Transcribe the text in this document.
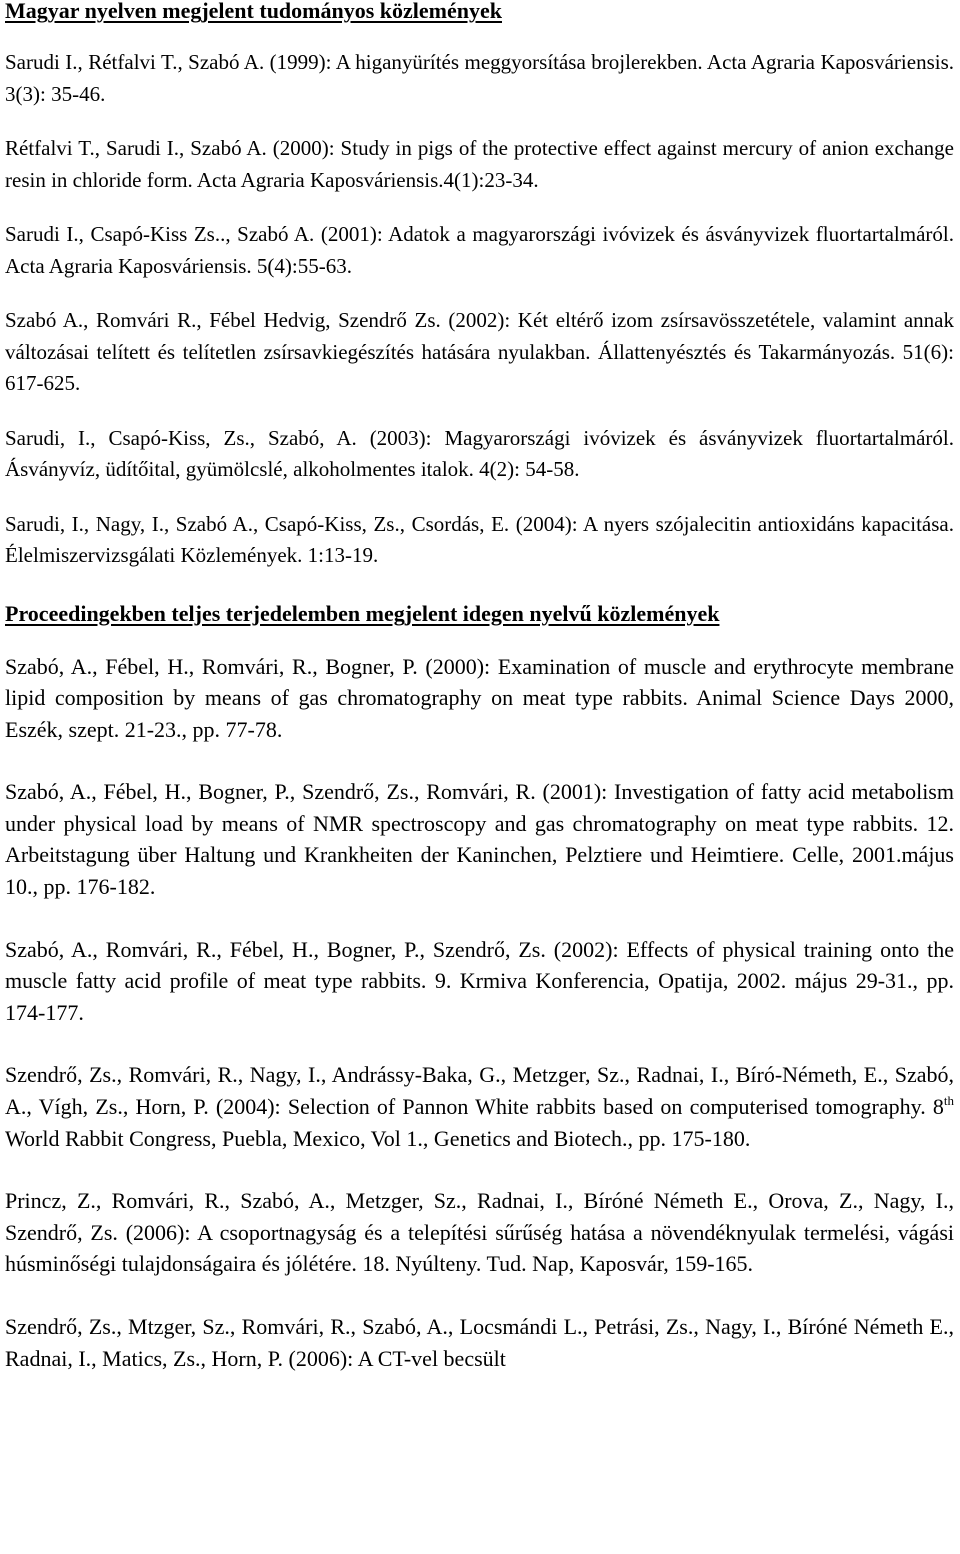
Magyar nyelven megjelent tudományos közlemények

Sarudi I., Rétfalvi T., Szabó A. (1999): A higanyürítés meggyorsítása brojlerekben. Acta Agraria Kaposváriensis. 3(3): 35-46.

Rétfalvi T., Sarudi I., Szabó A. (2000): Study in pigs of the protective effect against mercury of anion exchange resin in chloride form. Acta Agraria Kaposváriensis.4(1):23-34.

Sarudi I., Csapó-Kiss Zs.., Szabó A. (2001): Adatok a magyarországi ivóvizek és ásványvizek fluortartalmáról. Acta Agraria Kaposváriensis. 5(4):55-63.

Szabó A., Romvári R., Fébel Hedvig, Szendrő Zs. (2002): Két eltérő izom zsírsavösszetétele, valamint annak változásai telített és telítetlen zsírsavkiegészítés hatására nyulakban. Állattenyésztés és Takarmányozás. 51(6): 617-625.

Sarudi, I., Csapó-Kiss, Zs., Szabó, A. (2003): Magyarországi ivóvizek és ásványvizek fluortartalmáról. Ásványvíz, üdítőital, gyümölcslé, alkoholmentes italok. 4(2): 54-58.

Sarudi, I., Nagy, I., Szabó A., Csapó-Kiss, Zs., Csordás, E. (2004): A nyers szójalecitin antioxidáns kapacitása. Élelmiszervizsgálati Közlemények. 1:13-19.

Proceedingekben teljes terjedelemben megjelent idegen nyelvű közlemények

Szabó, A., Fébel, H., Romvári, R., Bogner, P. (2000): Examination of muscle and erythrocyte membrane lipid composition by means of gas chromatography on meat type rabbits. Animal Science Days 2000, Eszék, szept. 21-23., pp. 77-78.

Szabó, A., Fébel, H., Bogner, P., Szendrő, Zs., Romvári, R. (2001): Investigation of fatty acid metabolism under physical load by means of NMR spectroscopy and gas chromatography on meat type rabbits. 12. Arbeitstagung über Haltung und Krankheiten der Kaninchen, Pelztiere und Heimtiere. Celle, 2001.május 10., pp. 176-182.

Szabó, A., Romvári, R., Fébel, H., Bogner, P., Szendrő, Zs. (2002): Effects of physical training onto the muscle fatty acid profile of meat type rabbits. 9. Krmiva Konferencia, Opatija, 2002. május 29-31., pp. 174-177.

Szendrő, Zs., Romvári, R., Nagy, I., Andrássy-Baka, G., Metzger, Sz., Radnai, I., Bíró-Németh, E., Szabó, A., Vígh, Zs., Horn, P. (2004): Selection of Pannon White rabbits based on computerised tomography. 8th World Rabbit Congress, Puebla, Mexico, Vol 1., Genetics and Biotech., pp. 175-180.

Princz, Z., Romvári, R., Szabó, A., Metzger, Sz., Radnai, I., Bíróné Németh E., Orova, Z., Nagy, I., Szendrő, Zs. (2006): A csoportnagyság és a telepítési sűrűség hatása a növendéknyulak termelési, vágási húsminőségi tulajdonságaira és jólétére. 18. Nyúlteny. Tud. Nap, Kaposvár, 159-165.

Szendrő, Zs., Mtzger, Sz., Romvári, R., Szabó, A., Locsmándi L., Petrási, Zs., Nagy, I., Bíróné Németh E., Radnai, I., Matics, Zs., Horn, P. (2006): A CT-vel becsült
